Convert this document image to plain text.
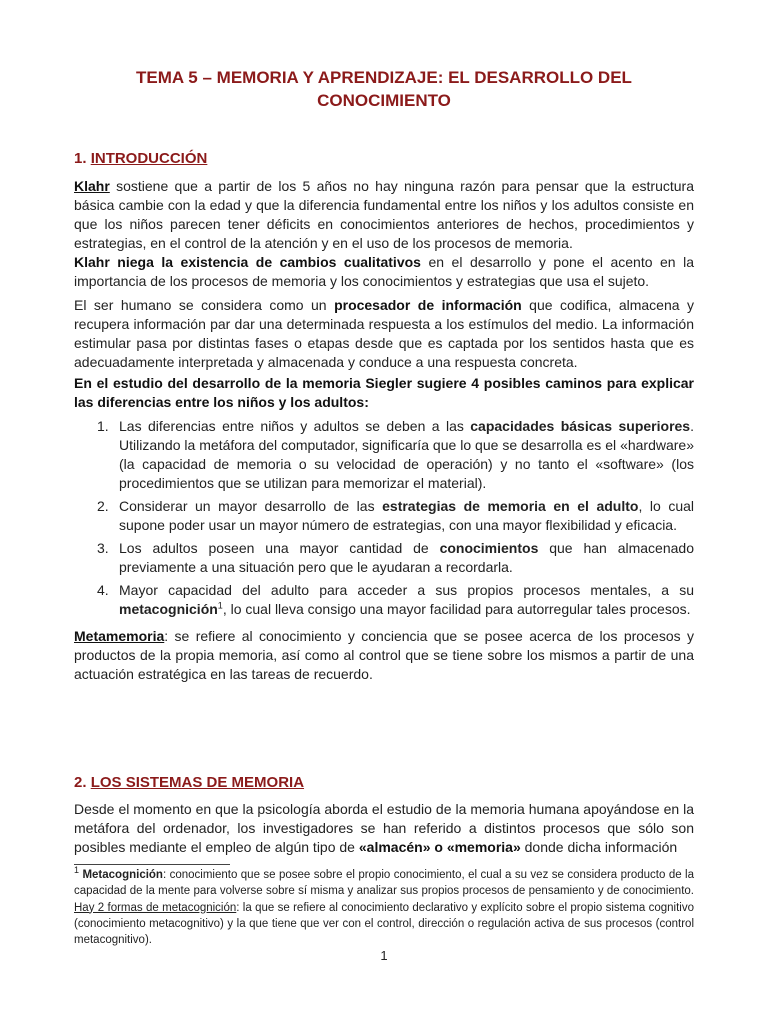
TEMA 5 – MEMORIA Y APRENDIZAJE: EL DESARROLLO DEL
CONOCIMIENTO
1. INTRODUCCIÓN

Klahr sostiene que a partir de los 5 años no hay ninguna razón para pensar que la estructura básica cambie con la edad y que la diferencia fundamental entre los niños y los adultos consiste en que los niños parecen tener déficits en conocimientos anteriores de hechos, procedimientos y estrategias, en el control de la atención y en el uso de los procesos de memoria.

Klahr niega la existencia de cambios cualitativos en el desarrollo y pone el acento en la importancia de los procesos de memoria y los conocimientos y estrategias que usa el sujeto.

El ser humano se considera como un procesador de información que codifica, almacena y recupera información par dar una determinada respuesta a los estímulos del medio. La información estimular pasa por distintas fases o etapas desde que es captada por los sentidos hasta que es adecuadamente interpretada y almacenada y conduce a una respuesta concreta.

En el estudio del desarrollo de la memoria Siegler sugiere 4 posibles caminos para explicar las diferencias entre los niños y los adultos:

1. Las diferencias entre niños y adultos se deben a las capacidades básicas superiores. Utilizando la metáfora del computador, significaría que lo que se desarrolla es el «hardware» (la capacidad de memoria o su velocidad de operación) y no tanto el «software» (los procedimientos que se utilizan para memorizar el material).
2. Considerar un mayor desarrollo de las estrategias de memoria en el adulto, lo cual supone poder usar un mayor número de estrategias, con una mayor flexibilidad y eficacia.
3. Los adultos poseen una mayor cantidad de conocimientos que han almacenado previamente a una situación pero que le ayudaran a recordarla.
4. Mayor capacidad del adulto para acceder a sus propios procesos mentales, a su metacognición$^1$, lo cual lleva consigo una mayor facilidad para autorregular tales procesos.

Metamemoria: se refiere al conocimiento y conciencia que se posee acerca de los procesos y productos de la propia memoria, así como al control que se tiene sobre los mismos a partir de una actuación estratégica en las tareas de recuerdo.

2. LOS SISTEMAS DE MEMORIA

Desde el momento en que la psicología aborda el estudio de la memoria humana apoyándose en la metáfora del ordenador, los investigadores se han referido a distintos procesos que sólo son posibles mediante el empleo de algún tipo de «almacén» o «memoria» donde dicha información

$^1$ Metacognición: conocimiento que se posee sobre el propio conocimiento, el cual a su vez se considera producto de la capacidad de la mente para volverse sobre sí misma y analizar sus propios procesos de pensamiento y de conocimiento. Hay 2 formas de metacognición: la que se refiere al conocimiento declarativo y explícito sobre el propio sistema cognitivo (conocimiento metacognitivo) y la que tiene que ver con el control, dirección o regulación activa de sus procesos (control metacognitivo).

1
